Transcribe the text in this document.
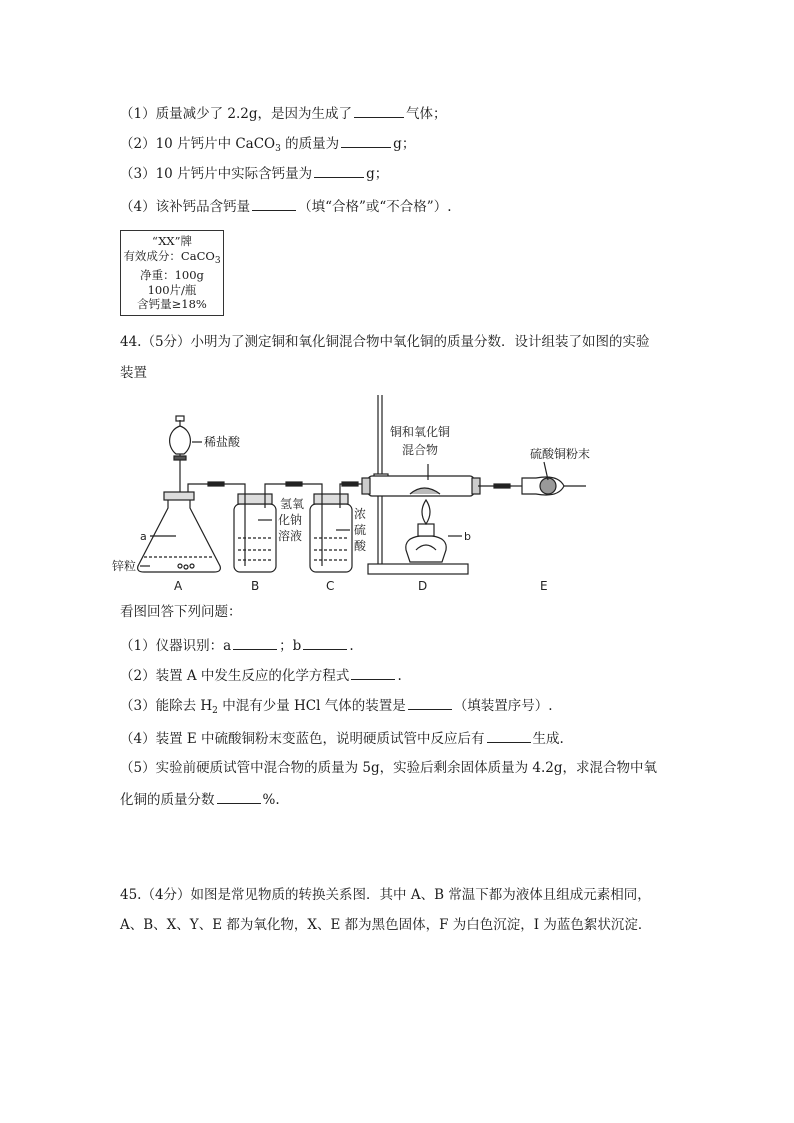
（1）质量减少了 2.2g，是因为生成了	气体；
（2）10 片钙片中 CaCO$_3$ 的质量为	g；
（3）10 片钙片中实际含钙量为	g；
（4）该补钙品含钙量	（填“合格”或“不合格”）.
“XX”牌
有效成分：CaCO$_3$
净重：100g
100片/瓶
含钙量≥18%
44.（5分）小明为了测定铜和氧化铜混合物中氧化铜的质量分数．设计组装了如图的实验
装置
稀盐酸
a
锌粒
氢氧
化钠
溶液
浓
硫
酸
铜和氧化铜
混合物	硫酸铜粉末
b
A	B	C	D	E
看图回答下列问题：
（1）仪器识别：a	；b	.
（2）装置 A 中发生反应的化学方程式	.
（3）能除去 $H_2$ 中混有少量 HCl 气体的装置是	（填装置序号）.
（4）装置 E 中硫酸铜粉末变蓝色，说明硬质试管中反应后有	生成.
（5）实验前硬质试管中混合物的质量为 5g，实验后剩余固体质量为 4.2g，求混合物中氧
化铜的质量分数	%.
45.（4分）如图是常见物质的转换关系图．其中 A、B 常温下都为液体且组成元素相同，
A、B、X、Y、E 都为氧化物，X、E 都为黑色固体，F 为白色沉淀，I 为蓝色絮状沉淀．
